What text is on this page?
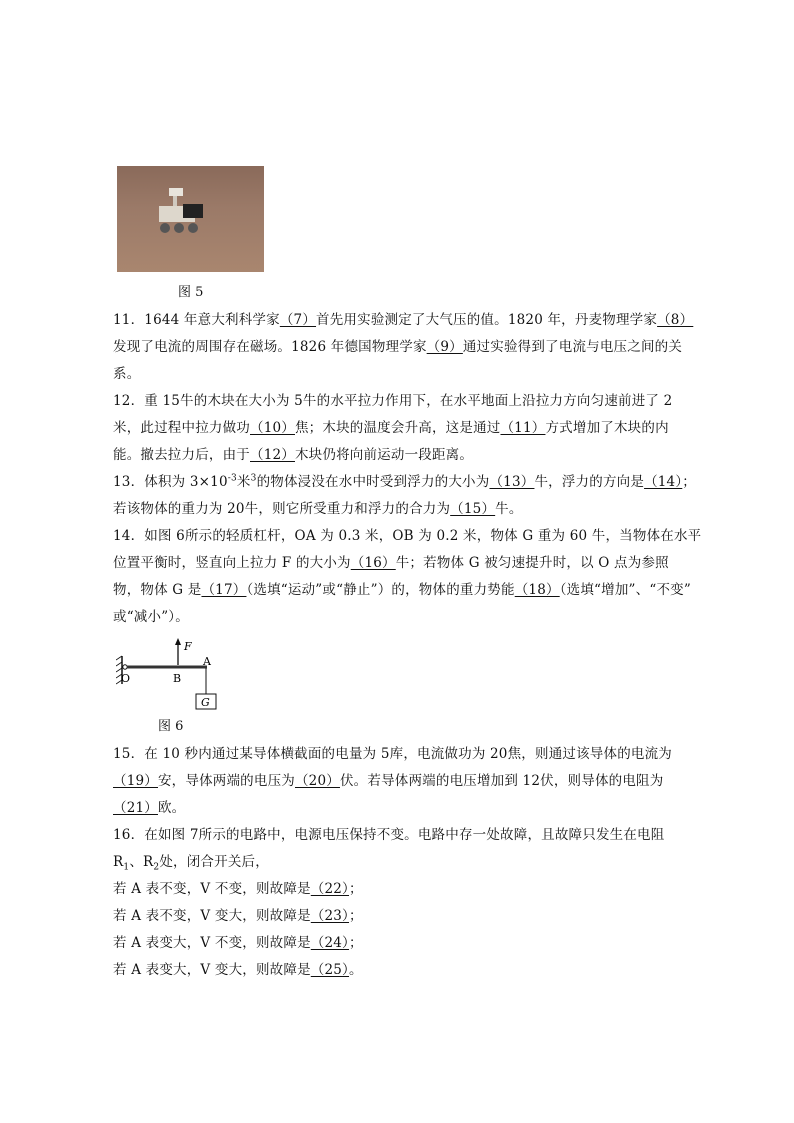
图 5
11．1644 年意大利科学家（7）首先用实验测定了大气压的值。1820 年，丹麦物理学家（8）
发现了电流的周围存在磁场。1826 年德国物理学家（9）通过实验得到了电流与电压之间的关
系。
12．重 15牛的木块在大小为 5牛的水平拉力作用下，在水平地面上沿拉力方向匀速前进了 2
米，此过程中拉力做功（10）焦；木块的温度会升高，这是通过（11）方式增加了木块的内
能。撤去拉力后，由于（12）木块仍将向前运动一段距离。
13．体积为 $3\times 10^{-3}$米$^3$的物体浸没在水中时受到浮力的大小为（13）牛，浮力的方向是（14）；
若该物体的重力为 20牛，则它所受重力和浮力的合力为（15）牛。
14．如图 6所示的轻质杠杆，OA 为 0.3 米，OB 为 0.2 米，物体 G 重为 60 牛，当物体在水平
位置平衡时，竖直向上拉力 F 的大小为（16）牛；若物体 G 被匀速提升时，以 O 点为参照
物，物体 G 是（17）（选填“运动”或“静止”）的，物体的重力势能（18）（选填“增加”、“不变”
或“减小”）。
F
O	B
A
G
图 6
15．在 10 秒内通过某导体横截面的电量为 5库，电流做功为 20焦，则通过该导体的电流为
（19）安，导体两端的电压为（20）伏。若导体两端的电压增加到 12伏，则导体的电阻为
（21）欧。
16．在如图 7所示的电路中，电源电压保持不变。电路中存一处故障，且故障只发生在电阻
$R_1$、$R_2$处，闭合开关后，
若 A 表不变，V 不变，则故障是（22）；
若 A 表不变，V 变大，则故障是（23）；
若 A 表变大，V 不变，则故障是（24）；
若 A 表变大，V 变大，则故障是（25）。
